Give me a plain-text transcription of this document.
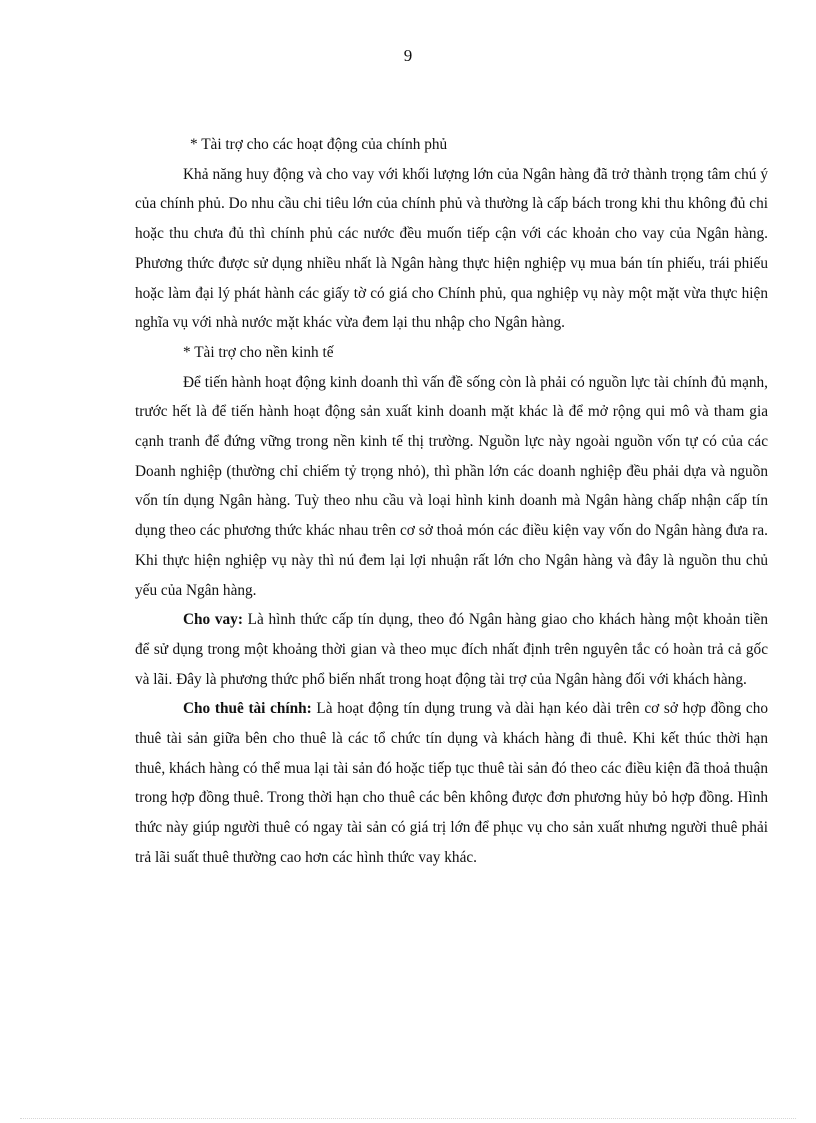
9

* Tài trợ cho các hoạt động của chính phủ

Khả năng huy động và cho vay với khối lượng lớn của Ngân hàng đã trở thành trọng tâm chú ý của chính phủ. Do nhu cầu chi tiêu lớn của chính phủ và thường là cấp bách trong khi thu không đủ chi hoặc thu chưa đủ thì chính phủ các nước đều muốn tiếp cận với các khoản cho vay của Ngân hàng. Phương thức được sử dụng nhiều nhất là Ngân hàng thực hiện nghiệp vụ mua bán tín phiếu, trái phiếu hoặc làm đại lý phát hành các giấy tờ có giá cho Chính phủ, qua nghiệp vụ này một mặt vừa thực hiện nghĩa vụ với nhà nước mặt khác vừa đem lại thu nhập cho Ngân hàng.

* Tài trợ cho nền kinh tế

Để tiến hành hoạt động kinh doanh thì vấn đề sống còn là phải có nguồn lực tài chính đủ mạnh, trước hết là để tiến hành hoạt động sản xuất kinh doanh mặt khác là để mở rộng qui mô và tham gia cạnh tranh để đứng vững trong nền kinh tế thị trường. Nguồn lực này ngoài nguồn vốn tự có của các Doanh nghiệp (thường chỉ chiếm tỷ trọng nhỏ), thì phần lớn các doanh nghiệp đều phải dựa và nguồn vốn tín dụng Ngân hàng. Tuỳ theo nhu cầu và loại hình kinh doanh mà Ngân hàng chấp nhận cấp tín dụng theo các phương thức khác nhau trên cơ sở thoả món các điều kiện vay vốn do Ngân hàng đưa ra. Khi thực hiện nghiệp vụ này thì nú đem lại lợi nhuận rất lớn cho Ngân hàng và đây là nguồn thu chủ yếu của Ngân hàng.

Cho vay: Là hình thức cấp tín dụng, theo đó Ngân hàng giao cho khách hàng một khoản tiền để sử dụng trong một khoảng thời gian và theo mục đích nhất định trên nguyên tắc có hoàn trả cả gốc và lãi. Đây là phương thức phổ biến nhất trong hoạt động tài trợ của Ngân hàng đối với khách hàng.

Cho thuê tài chính: Là hoạt động tín dụng trung và dài hạn kéo dài trên cơ sở hợp đồng cho thuê tài sản giữa bên cho thuê là các tổ chức tín dụng và khách hàng đi thuê. Khi kết thúc thời hạn thuê, khách hàng có thể mua lại tài sản đó hoặc tiếp tục thuê tài sản đó theo các điều kiện đã thoả thuận trong hợp đồng thuê. Trong thời hạn cho thuê các bên không được đơn phương hủy bỏ hợp đồng. Hình thức này giúp người thuê có ngay tài sản có giá trị lớn để phục vụ cho sản xuất nhưng người thuê phải trả lãi suất thuê thường cao hơn các hình thức vay khác.
